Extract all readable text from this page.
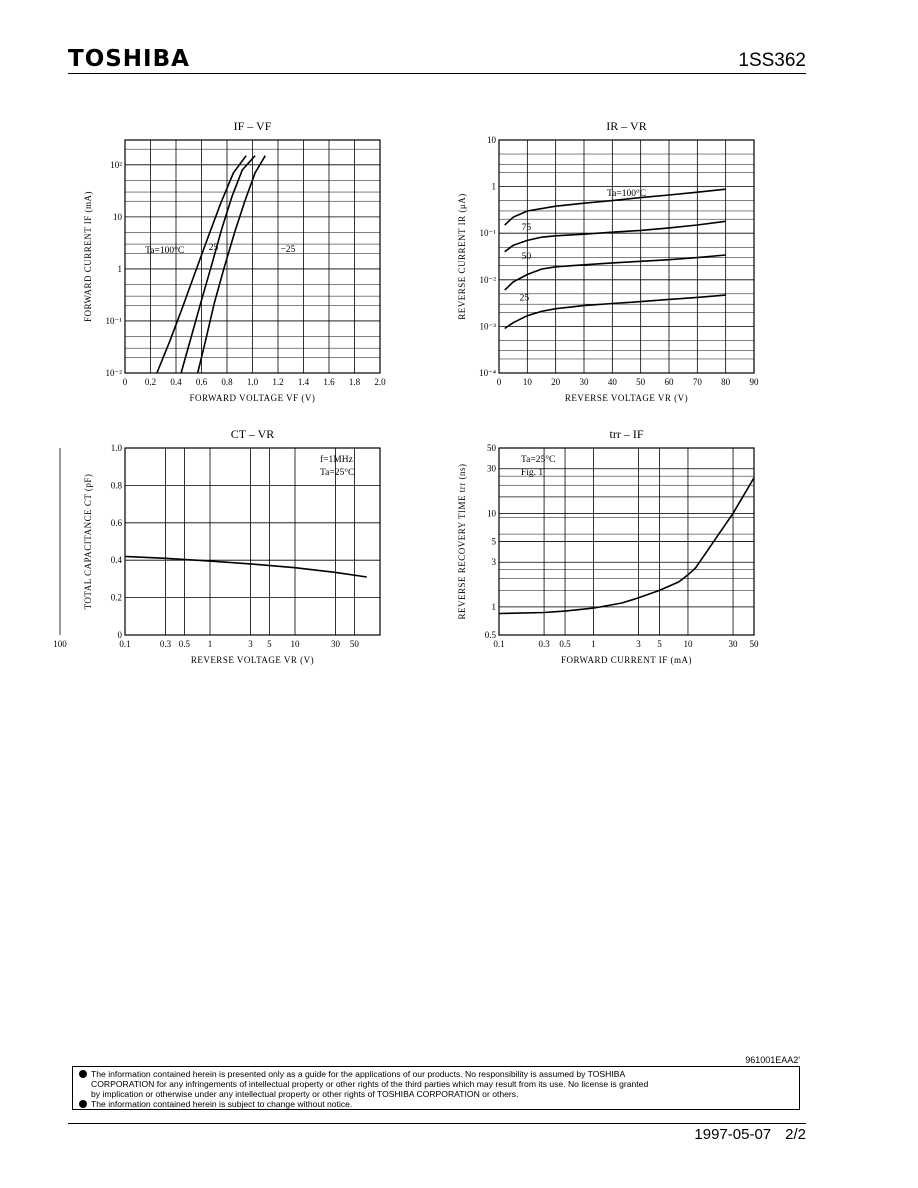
TOSHIBA	1SS362
0 0.2 0.4 0.6 0.8 1.0 1.2 1.4 1.6 1.8 2.0
10⁻²
10⁻¹
1
10
10²
IF – VF
FORWARD VOLTAGE VF (V)
FORWARD CURRENT IF (mA)	Ta=100°C	25	−25
0 10 20 30 40 50 60 70 80 90
10⁻⁴
10⁻³
10⁻²
10⁻¹
1
10
IR – VR
REVERSE VOLTAGE VR (V)
REVERSE CURRENT IR (μA)	Ta=100°C
75
50
25
0.1	0.3 0.5 1	3 5 10	30 50
100
0
0.2
0.4
0.6
0.8
1.0
CT – VR
REVERSE VOLTAGE VR (V)
TOTAL CAPACITANCE CT (pF)
f=1MHz
Ta=25°C
0.1	0.3 0.5 1	3 5 10	30 50
0.5
1
3
5
10
30
50
trr – IF
FORWARD CURRENT IF (mA)
REVERSE RECOVERY TIME trr (ns)
Ta=25°C
Fig. 1
961001EAA2'

The information contained herein is presented only as a guide for the applications of our products. No responsibility is assumed by TOSHIBA

CORPORATION for any infringements of intellectual property or other rights of the third parties which may result from its use. No license is granted

by implication or otherwise under any intellectual property or other rights of TOSHIBA CORPORATION or others.

The information contained herein is subject to change without notice.

1997-05-07 2/2
